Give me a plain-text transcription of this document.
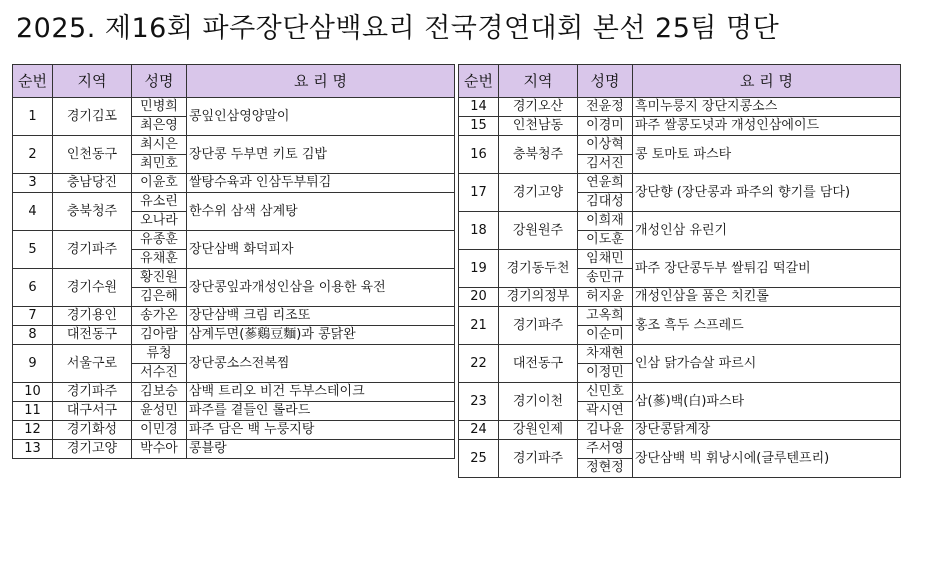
2025. 제16회 파주장단삼백요리 전국경연대회 본선 25팀 명단
순번	지역	성명	요 리 명
1	경기김포	민병희	콩잎인삼영양말이
		최은영	
2	인천동구	최시은	장단콩 두부면 키토 김밥
		최민호	
3	충남당진	이윤호	쌀탕수육과 인삼두부튀김
4	충북청주	유소린	한수위 삼색 삼계탕
		오나라	
5	경기파주	유종훈	장단삼백 화덕피자
		유채훈	
6	경기수원	황진원	장단콩잎과개성인삼을 이용한 육전
		김은해	
7	경기용인	송가온	장단삼백 크림 리조또
8	대전동구	김아람	삼계두면(蔘鷄豆麵)과 콩닭완
9	서울구로	류청	장단콩소스전복찜
		서수진	
10	경기파주	김보승	삼백 트리오 비건 두부스테이크
11	대구서구	윤성민	파주를 곁들인 롤라드
12	경기화성	이민경	파주 담은 백 누룽지탕
13	경기고양	박수아	콩블랑
순번	지역	성명	요 리 명
14	경기오산	전윤정	흑미누룽지 장단지콩소스
15	인천남동	이경미	파주 쌀콩도넛과 개성인삼에이드
16	충북청주	이상혁	콩 토마토 파스타
		김서진	
17	경기고양	연윤희	장단향 (장단콩과 파주의 향기를 담다)
		김대성	
18	강원원주	이희재	개성인삼 유린기
		이도훈	
19	경기동두천	임채민	파주 장단콩두부 쌀튀김 떡갈비
		송민규	
20	경기의정부	허지윤	개성인삼을 품은 치킨롤
21	경기파주	고옥희	홍조 흑두 스프레드
		이순미	
22	대전동구	차재현	인삼 닭가슴살 파르시
		이정민	
23	경기이천	신민호	삼(蔘)백(白)파스타
		곽시연	
24	강원인제	김나윤	장단콩닭계장
25	경기파주	주서영	장단삼백 빅 휘낭시에(글루텐프리)
		정현정	
